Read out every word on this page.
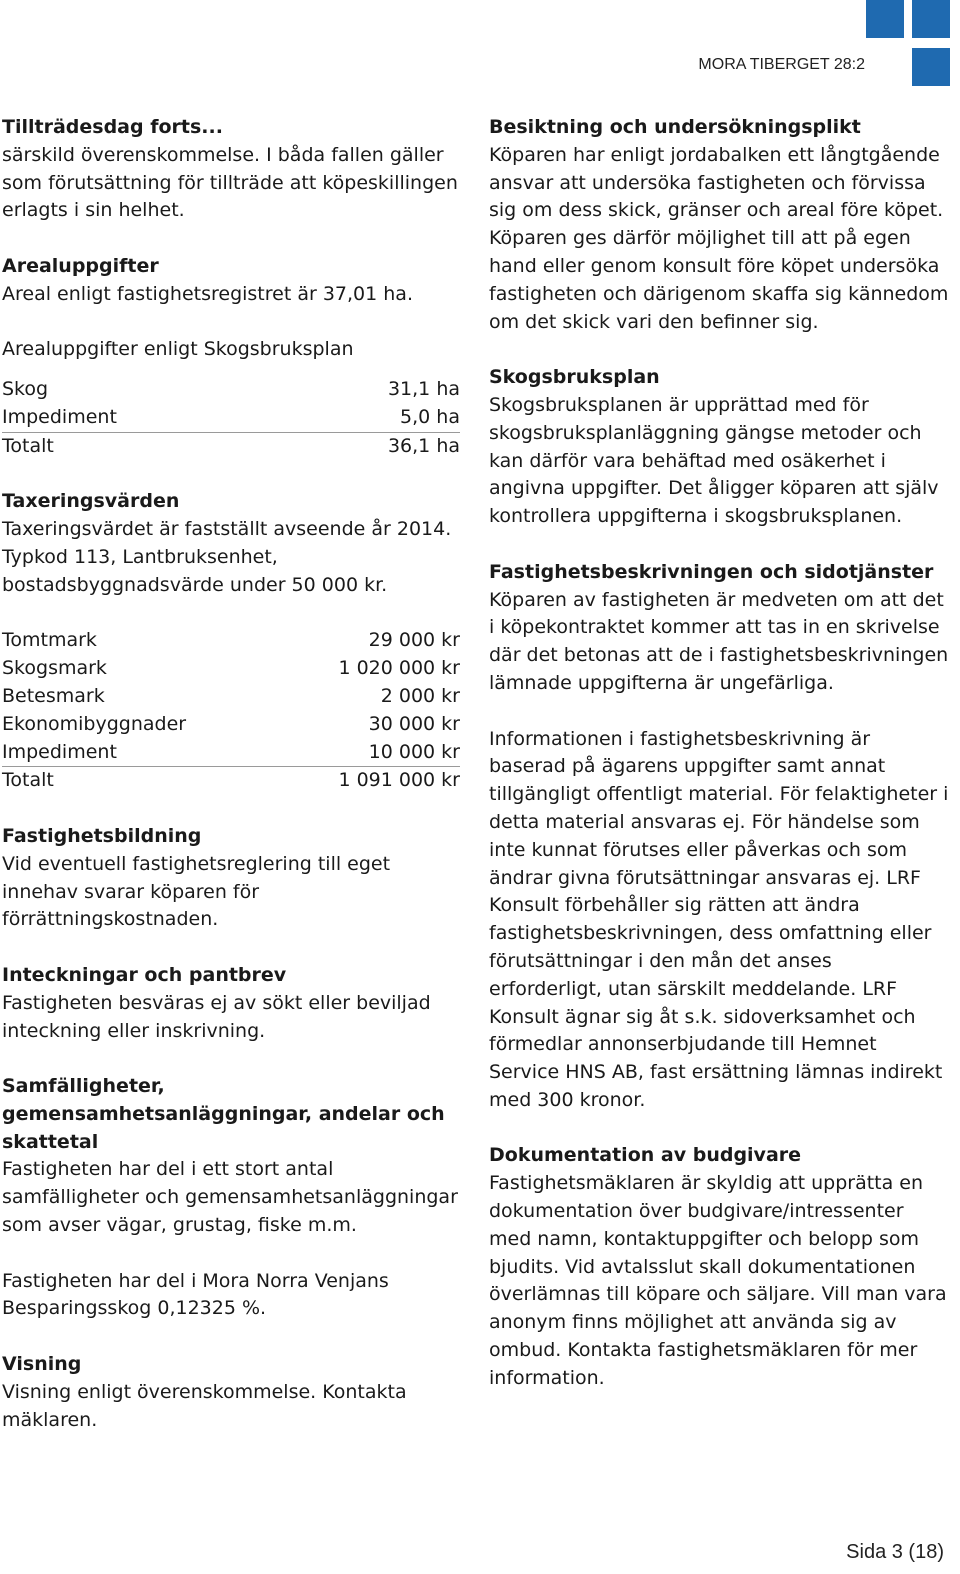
MORA TIBERGET 28:2
Tillträdesdag forts...

särskild överenskommelse. I båda fallen gäller som förutsättning för tillträde att köpeskillingen erlagts i sin helhet.

Arealuppgifter

Areal enligt fastighetsregistret är 37,01 ha.

Arealuppgifter enligt Skogsbruksplan

Skog	31,1 ha
Impediment	5,0 ha
Totalt	36,1 ha
Taxeringsvärden

Taxeringsvärdet är fastställt avseende år 2014. Typkod 113, Lantbruksenhet, bostadsbyggnadsvärde under 50 000 kr.

Tomtmark	29 000 kr
Skogsmark	1 020 000 kr
Betesmark	2 000 kr
Ekonomibyggnader	30 000 kr
Impediment	10 000 kr
Totalt	1 091 000 kr
Fastighetsbildning

Vid eventuell fastighetsreglering till eget innehav svarar köparen för förrättningskostnaden.

Inteckningar och pantbrev

Fastigheten besväras ej av sökt eller beviljad inteckning eller inskrivning.

Samfälligheter, gemensamhetsanläggningar, andelar och skattetal

Fastigheten har del i ett stort antal samfälligheter och gemensamhetsanläggningar som avser vägar, grustag, fiske m.m.

Fastigheten har del i Mora Norra Venjans Besparingsskog 0,12325 %.

Visning

Visning enligt överenskommelse. Kontakta mäklaren.

Besiktning och undersökningsplikt

Köparen har enligt jordabalken ett långtgående ansvar att undersöka fastigheten och förvissa sig om dess skick, gränser och areal före köpet. Köparen ges därför möjlighet till att på egen hand eller genom konsult före köpet undersöka fastigheten och därigenom skaffa sig kännedom om det skick vari den befinner sig.

Skogsbruksplan

Skogsbruksplanen är upprättad med för skogsbruksplanläggning gängse metoder och kan därför vara behäftad med osäkerhet i angivna uppgifter. Det åligger köparen att själv kontrollera uppgifterna i skogsbruksplanen.

Fastighetsbeskrivningen och sidotjänster

Köparen av fastigheten är medveten om att det i köpekontraktet kommer att tas in en skrivelse där det betonas att de i fastighetsbeskrivningen lämnade uppgifterna är ungefärliga.

Informationen i fastighetsbeskrivning är baserad på ägarens uppgifter samt annat tillgängligt offentligt material. För felaktigheter i detta material ansvaras ej. För händelse som inte kunnat förutses eller påverkas och som ändrar givna förutsättningar ansvaras ej. LRF Konsult förbehåller sig rätten att ändra fastighetsbeskrivningen, dess omfattning eller förutsättningar i den mån det anses erforderligt, utan särskilt meddelande. LRF Konsult ägnar sig åt s.k. sidoverksamhet och förmedlar annonserbjudande till Hemnet Service HNS AB, fast ersättning lämnas indirekt med 300 kronor.

Dokumentation av budgivare

Fastighetsmäklaren är skyldig att upprätta en dokumentation över budgivare/intressenter med namn, kontaktuppgifter och belopp som bjudits. Vid avtalsslut skall dokumentationen överlämnas till köpare och säljare. Vill man vara anonym finns möjlighet att använda sig av ombud. Kontakta fastighetsmäklaren för mer information.

Sida 3 (18)
